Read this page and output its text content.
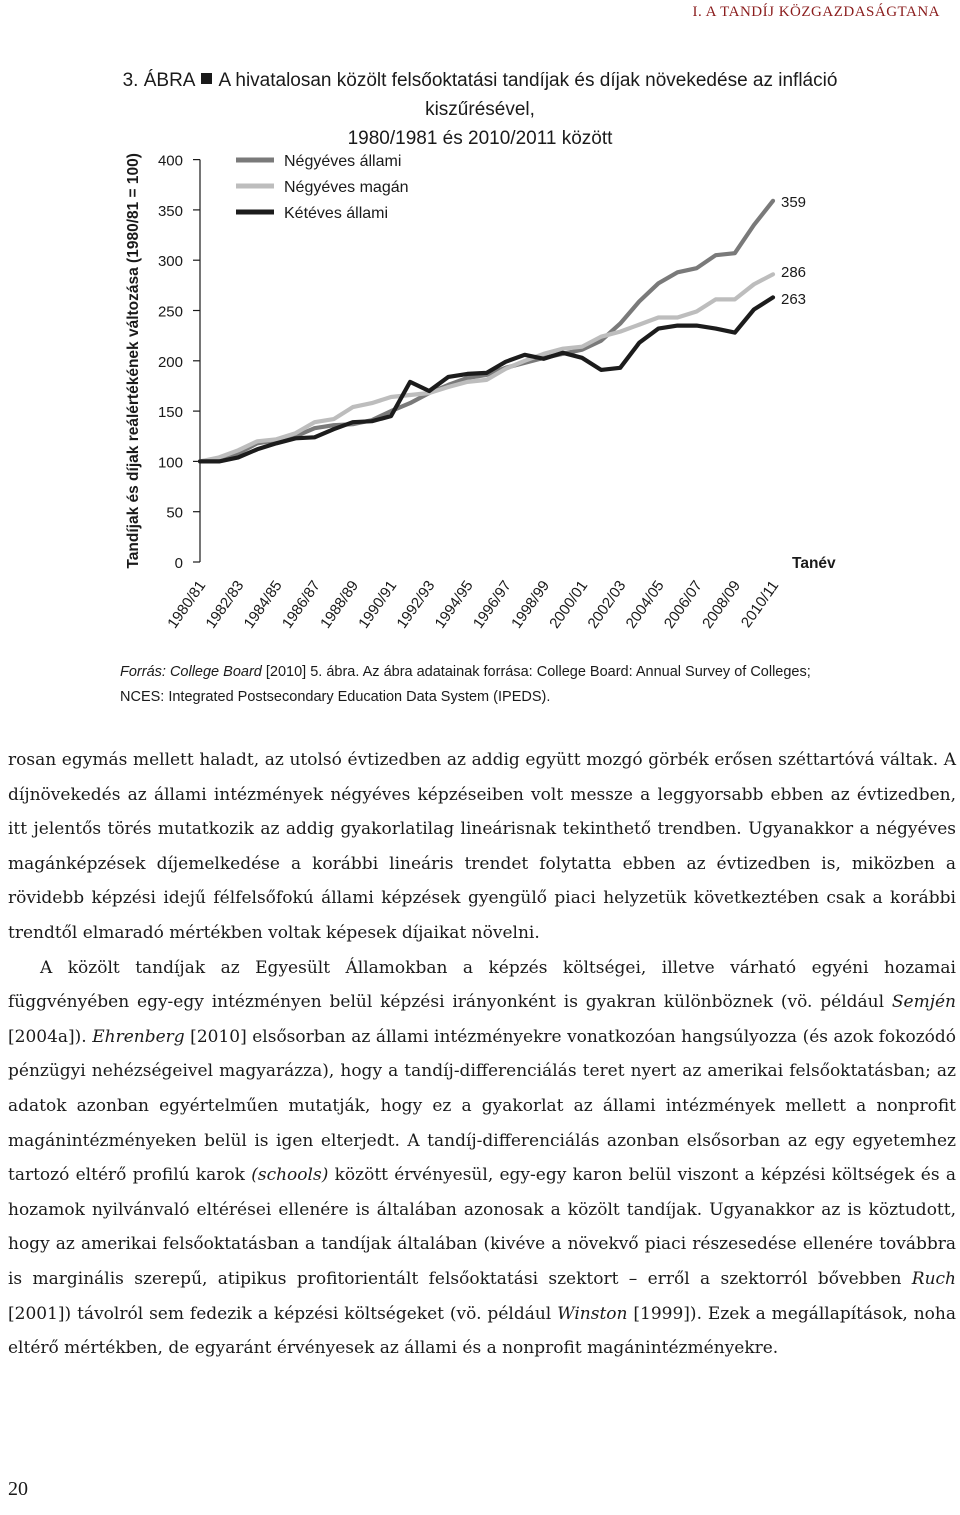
I. A TANDÍJ KÖZGAZDASÁGTANA
3. ÁBRA A hivatalosan közölt felsőoktatási tandíjak és díjak növekedése az infláció kiszűrésével,
1980/1981 és 2010/2011 között
0
50
100
150
200
250
300
350
400
Tandíjak és díjak reálértékének változása (1980/81 = 100)
1980/81
1982/83
1984/85
1986/87
1988/89
1990/91
1992/93
1994/95
1996/97
1998/99
2000/01
2002/03
2004/05
2006/07
2008/09
2010/11
Tanév
359
286
263
Négyéves állami
Négyéves magán
Kétéves állami
Forrás: College Board [2010] 5. ábra. Az ábra adatainak forrása: College Board: Annual Survey of Colleges;
NCES: Integrated Postsecondary Education Data System (IPEDS).

rosan egymás mellett haladt, az utolsó évtizedben az addig együtt mozgó görbék erősen széttartóvá váltak. A díjnövekedés az állami intézmények négyéves képzéseiben volt messze a leggyorsabb ebben az évtizedben, itt jelentős törés mutatkozik az addig gyakorlatilag lineárisnak tekinthető trendben. Ugyanakkor a négyéves magánképzések díjemelkedése a korábbi lineáris trendet folytatta ebben az évtizedben is, miközben a rövidebb képzési idejű félfelsőfokú állami képzések gyengülő piaci helyzetük következtében csak a korábbi trendtől elmaradó mértékben voltak képesek díjaikat növelni.

A közölt tandíjak az Egyesült Államokban a képzés költségei, illetve várható egyéni hozamai függvényében egy-egy intézményen belül képzési irányonként is gyakran különböznek (vö. például Semjén [2004a]). Ehrenberg [2010] elsősorban az állami intézményekre vonatkozóan hangsúlyozza (és azok fokozódó pénzügyi nehézségeivel magyarázza), hogy a tandíj-differenciálás teret nyert az amerikai felsőoktatásban; az adatok azonban egyértelműen mutatják, hogy ez a gyakorlat az állami intézmények mellett a nonprofit magánintézményeken belül is igen elterjedt. A tandíj-differenciálás azonban elsősorban az egy egyetemhez tartozó eltérő profilú karok (schools) között érvényesül, egy-egy karon belül viszont a képzési költségek és a hozamok nyilvánvaló eltérései ellenére is általában azonosak a közölt tandíjak. Ugyanakkor az is köztudott, hogy az amerikai felsőoktatásban a tandíjak általában (kivéve a növekvő piaci részesedése ellenére továbbra is marginális szerepű, atipikus profitorientált felsőoktatási szektort – erről a szektorról bővebben Ruch [2001]) távolról sem fedezik a képzési költségeket (vö. például Winston [1999]). Ezek a megállapítások, noha eltérő mértékben, de egyaránt érvényesek az állami és a nonprofit magánintézményekre.

20
